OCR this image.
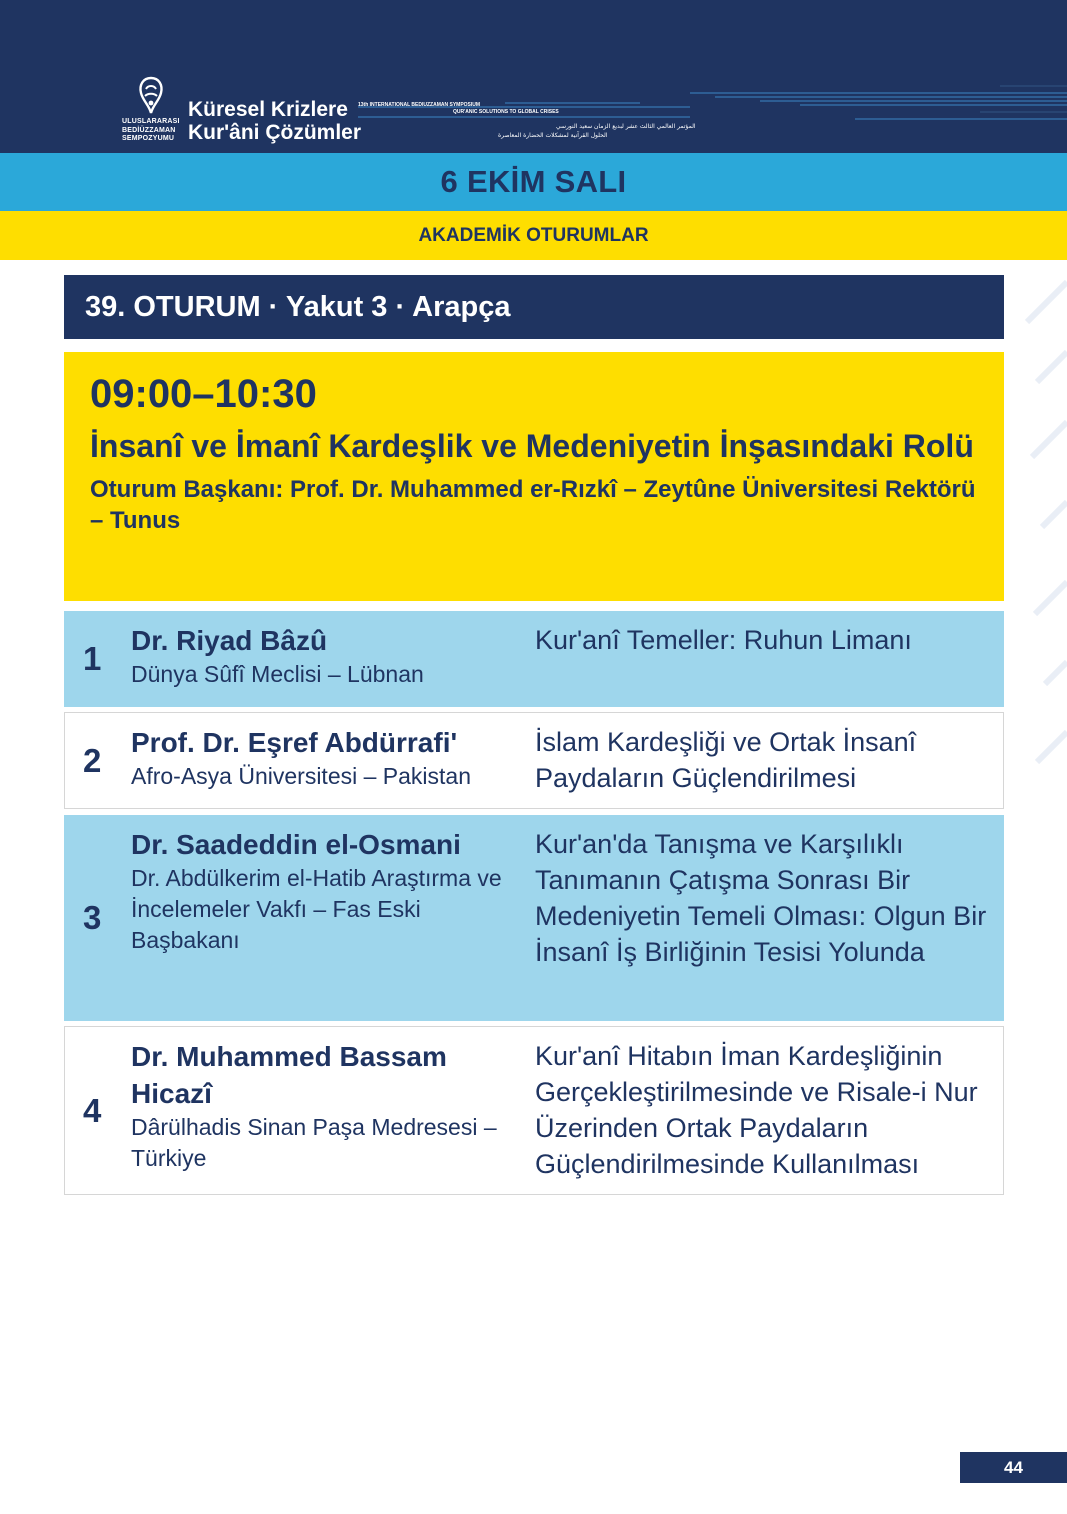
ULUSLARARASI
BEDİÜZZAMAN
SEMPOZYUMU
Küresel Krizlere
Kur'âni Çözümler
13th INTERNATIONAL BEDIUZZAMAN SYMPOSIUM
QUR'ANIC SOLUTIONS TO GLOBAL CRISES
المؤتمر العالمي الثالث عشر لبديع الزمان سعيد النورسي
الحلول القرآنية لمشكلات الحضارة المعاصرة
6 EKİM SALI
AKADEMİK OTURUMLAR
39. OTURUM · Yakut 3 · Arapça
09:00–10:30
İnsanî ve İmanî Kardeşlik ve Medeniyetin İnşasındaki Rolü
Oturum Başkanı: Prof. Dr. Muhammed er-Rızkî – Zeytûne Üniversitesi Rektörü – Tunus
1 Dr. Riyad Bâzû
Dünya Sûfî Meclisi – Lübnan
Kur'anî Temeller: Ruhun Limanı
2 Prof. Dr. Eşref Abdürrafi'
Afro-Asya Üniversitesi – Pakistan
İslam Kardeşliği ve Ortak İnsanî Paydaların Güçlendirilmesi
3
Dr. Saadeddin el-Osmani
Dr. Abdülkerim el-Hatib Araştırma ve İncelemeler Vakfı – Fas Eski Başbakanı
Kur'an'da Tanışma ve Karşılıklı Tanımanın Çatışma Sonrası Bir Medeniyetin Temeli Olması: Olgun Bir İnsanî İş Birliğinin Tesisi Yolunda
4
Dr. Muhammed Bassam Hicazî
Dârülhadis Sinan Paşa Medresesi – Türkiye
Kur'anî Hitabın İman Kardeşliğinin Gerçekleştirilmesinde ve Risale-i Nur Üzerinden Ortak Paydaların Güçlendirilmesinde Kullanılması
44
